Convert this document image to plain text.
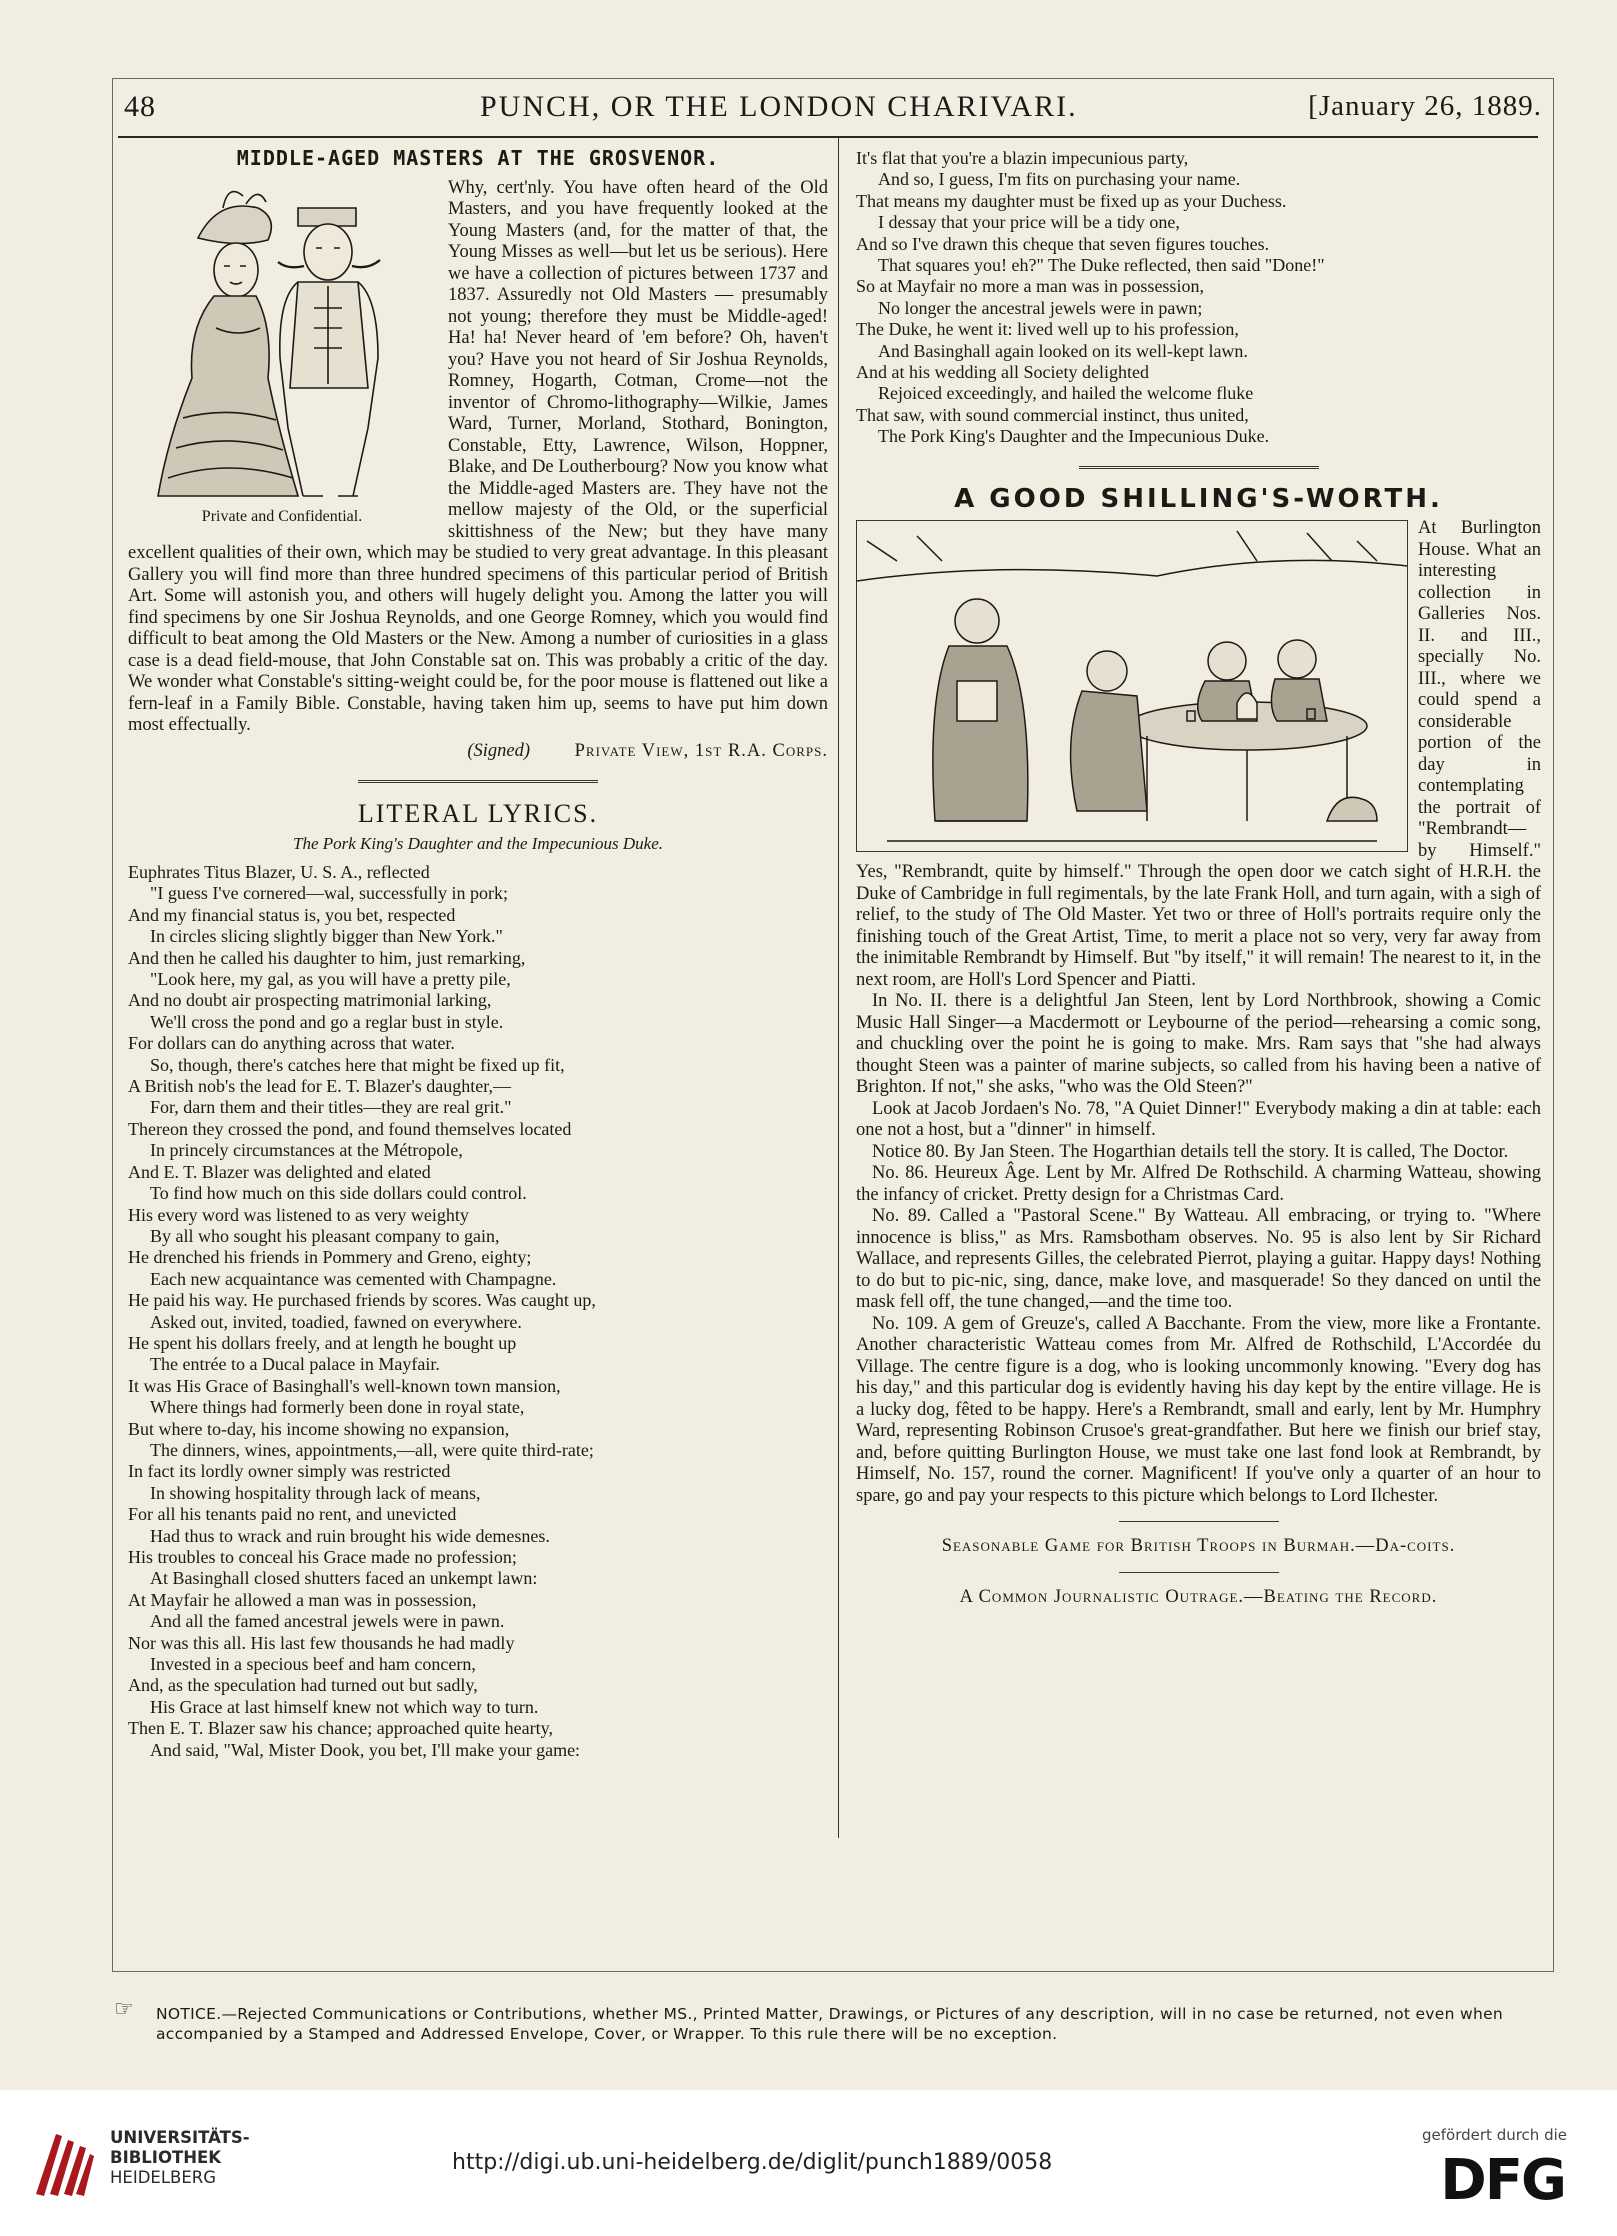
48	PUNCH, OR THE LONDON CHARIVARI.	[January 26, 1889.
MIDDLE-AGED MASTERS AT THE GROSVENOR.
Private and Confidential.

Why, cert'nly. You have often heard of the Old Masters, and you have frequently looked at the Young Masters (and, for the matter of that, the Young Misses as well—but let us be serious). Here we have a collection of pictures between 1737 and 1837. Assuredly not Old Masters — presumably not young; therefore they must be Middle-aged! Ha! ha! Never heard of 'em before? Oh, haven't you? Have you not heard of Sir Joshua Reynolds, Romney, Hogarth, Cotman, Crome—not the inventor of Chromo-lithography—Wilkie, James Ward, Turner, Morland, Stothard, Bonington, Constable, Etty, Lawrence, Wilson, Hoppner, Blake, and De Loutherbourg? Now you know what the Middle-aged Masters are. They have not the mellow majesty of the Old, or the superficial skittishness of the New; but they have many excellent qualities of their own, which may be studied to very great advantage. In this pleasant Gallery you will find more than three hundred specimens of this particular period of British Art. Some will astonish you, and others will hugely delight you. Among the latter you will find specimens by one Sir Joshua Reynolds, and one George Romney, which you would find difficult to beat among the Old Masters or the New. Among a number of curiosities in a glass case is a dead field-mouse, that John Constable sat on. This was probably a critic of the day. We wonder what Constable's sitting-weight could be, for the poor mouse is flattened out like a fern-leaf in a Family Bible. Constable, having taken him up, seems to have put him down most effectually.

(Signed) Private View, 1st R.A. Corps.
LITERAL LYRICS.
The Pork King's Daughter and the Impecunious Duke.
Euphrates Titus Blazer, U. S. A., reflected
"I guess I've cornered—wal, successfully in pork;
And my financial status is, you bet, respected
In circles slicing slightly bigger than New York."
And then he called his daughter to him, just remarking,
"Look here, my gal, as you will have a pretty pile,
And no doubt air prospecting matrimonial larking,
We'll cross the pond and go a reglar bust in style.
For dollars can do anything across that water.
So, though, there's catches here that might be fixed up fit,
A British nob's the lead for E. T. Blazer's daughter,—
For, darn them and their titles—they are real grit."
Thereon they crossed the pond, and found themselves located
In princely circumstances at the Métropole,
And E. T. Blazer was delighted and elated
To find how much on this side dollars could control.
His every word was listened to as very weighty
By all who sought his pleasant company to gain,
He drenched his friends in Pommery and Greno, eighty;
Each new acquaintance was cemented with Champagne.
He paid his way. He purchased friends by scores. Was caught up,
Asked out, invited, toadied, fawned on everywhere.
He spent his dollars freely, and at length he bought up
The entrée to a Ducal palace in Mayfair.
It was His Grace of Basinghall's well-known town mansion,
Where things had formerly been done in royal state,
But where to-day, his income showing no expansion,
The dinners, wines, appointments,—all, were quite third-rate;
In fact its lordly owner simply was restricted
In showing hospitality through lack of means,
For all his tenants paid no rent, and unevicted
Had thus to wrack and ruin brought his wide demesnes.
His troubles to conceal his Grace made no profession;
At Basinghall closed shutters faced an unkempt lawn:
At Mayfair he allowed a man was in possession,
And all the famed ancestral jewels were in pawn.
Nor was this all. His last few thousands he had madly
Invested in a specious beef and ham concern,
And, as the speculation had turned out but sadly,
His Grace at last himself knew not which way to turn.
Then E. T. Blazer saw his chance; approached quite hearty,
And said, "Wal, Mister Dook, you bet, I'll make your game:
It's flat that you're a blazin impecunious party,
And so, I guess, I'm fits on purchasing your name.
That means my daughter must be fixed up as your Duchess.
I dessay that your price will be a tidy one,
And so I've drawn this cheque that seven figures touches.
That squares you! eh?" The Duke reflected, then said "Done!"
So at Mayfair no more a man was in possession,
No longer the ancestral jewels were in pawn;
The Duke, he went it: lived well up to his profession,
And Basinghall again looked on its well-kept lawn.
And at his wedding all Society delighted
Rejoiced exceedingly, and hailed the welcome fluke
That saw, with sound commercial instinct, thus united,
The Pork King's Daughter and the Impecunious Duke.
A GOOD SHILLING'S-WORTH.

At Burlington House. What an interesting collection in Galleries Nos. II. and III., specially No. III., where we could spend a considerable portion of the day in contemplating the portrait of "Rembrandt—by Himself." Yes, "Rembrandt, quite by himself." Through the open door we catch sight of H.R.H. the Duke of Cambridge in full regimentals, by the late Frank Holl, and turn again, with a sigh of relief, to the study of The Old Master. Yet two or three of Holl's portraits require only the finishing touch of the Great Artist, Time, to merit a place not so very, very far away from the inimitable Rembrandt by Himself. But "by itself," it will remain! The nearest to it, in the next room, are Holl's Lord Spencer and Piatti.

In No. II. there is a delightful Jan Steen, lent by Lord Northbrook, showing a Comic Music Hall Singer—a Macdermott or Leybourne of the period—rehearsing a comic song, and chuckling over the point he is going to make. Mrs. Ram says that "she had always thought Steen was a painter of marine subjects, so called from his having been a native of Brighton. If not," she asks, "who was the Old Steen?"

Look at Jacob Jordaen's No. 78, "A Quiet Dinner!" Everybody making a din at table: each one not a host, but a "dinner" in himself.

Notice 80. By Jan Steen. The Hogarthian details tell the story. It is called, The Doctor.

No. 86. Heureux Âge. Lent by Mr. Alfred De Rothschild. A charming Watteau, showing the infancy of cricket. Pretty design for a Christmas Card.

No. 89. Called a "Pastoral Scene." By Watteau. All embracing, or trying to. "Where innocence is bliss," as Mrs. Ramsbotham observes. No. 95 is also lent by Sir Richard Wallace, and represents Gilles, the celebrated Pierrot, playing a guitar. Happy days! Nothing to do but to pic-nic, sing, dance, make love, and masquerade! So they danced on until the mask fell off, the tune changed,—and the time too.

No. 109. A gem of Greuze's, called A Bacchante. From the view, more like a Frontante. Another characteristic Watteau comes from Mr. Alfred de Rothschild, L'Accordée du Village. The centre figure is a dog, who is looking uncommonly knowing. "Every dog has his day," and this particular dog is evidently having his day kept by the entire village. He is a lucky dog, fêted to be happy. Here's a Rembrandt, small and early, lent by Mr. Humphry Ward, representing Robinson Crusoe's great-grandfather. But here we finish our brief stay, and, before quitting Burlington House, we must take one last fond look at Rembrandt, by Himself, No. 157, round the corner. Magnificent! If you've only a quarter of an hour to spare, go and pay your respects to this picture which belongs to Lord Ilchester.

Seasonable Game for British Troops in Burmah.—Da-coits.

A Common Journalistic Outrage.—Beating the Record.

☞ NOTICE.—Rejected Communications or Contributions, whether MS., Printed Matter, Drawings, or Pictures of any description, will in no case be returned, not even when accompanied by a Stamped and Addressed Envelope, Cover, or Wrapper. To this rule there will be no exception.
UNIVERSITÄTS-
BIBLIOTHEK
HEIDELBERG
http://digi.ub.uni-heidelberg.de/diglit/punch1889/0058
gefördert durch die
DFG
